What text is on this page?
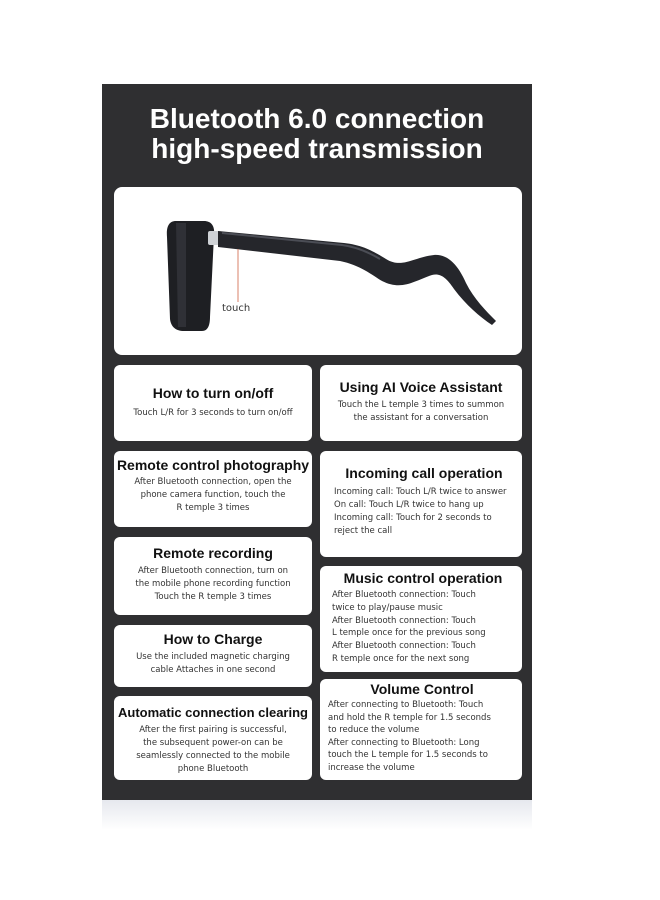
Bluetooth 6.0 connection
high-speed transmission
touch
How to turn on/off
Touch L/R for 3 seconds to turn on/off
Remote control photography
After Bluetooth connection, open the
phone camera function, touch the
R temple 3 times
Remote recording
After Bluetooth connection, turn on
the mobile phone recording function
Touch the R temple 3 times
How to Charge
Use the included magnetic charging
cable Attaches in one second
Automatic connection clearing
After the first pairing is successful,
the subsequent power-on can be
seamlessly connected to the mobile
phone Bluetooth
Using AI Voice Assistant
Touch the L temple 3 times to summon
the assistant for a conversation
Incoming call operation
Incoming call: Touch L/R twice to answer
On call: Touch L/R twice to hang up
Incoming call: Touch for 2 seconds to
reject the call
Music control operation
After Bluetooth connection: Touch
twice to play/pause music
After Bluetooth connection: Touch
L temple once for the previous song
After Bluetooth connection: Touch
R temple once for the next song
Volume Control
After connecting to Bluetooth: Touch
and hold the R temple for 1.5 seconds
to reduce the volume
After connecting to Bluetooth: Long
touch the L temple for 1.5 seconds to
increase the volume
